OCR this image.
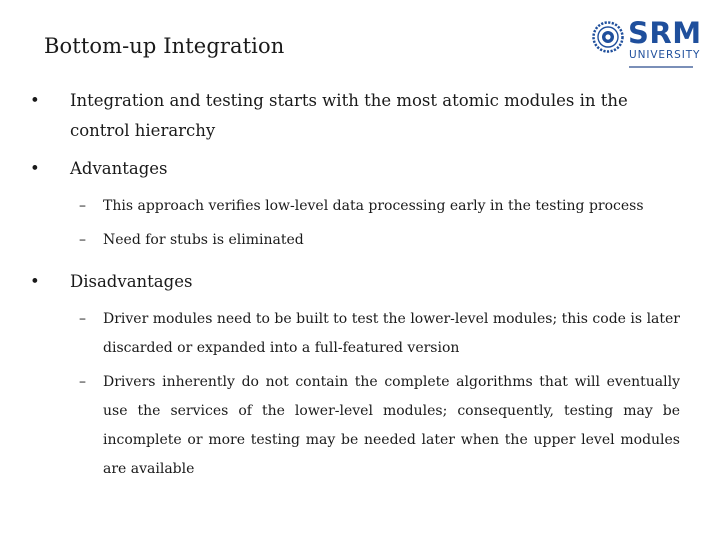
Bottom-up Integration	SRM
UNIVERSITY
•	Integration and testing starts with the most atomic modules in the control hierarchy
•	Advantages
– This approach verifies low-level data processing early in the testing process
– Need for stubs is eliminated
•	Disadvantages
– Driver modules need to be built to test the lower-level modules; this code is later discarded or expanded into a full-featured version
– Drivers inherently do not contain the complete algorithms that will eventually use the services of the lower-level modules; consequently, testing may be incomplete or more testing may be needed later when the upper level modules are available
